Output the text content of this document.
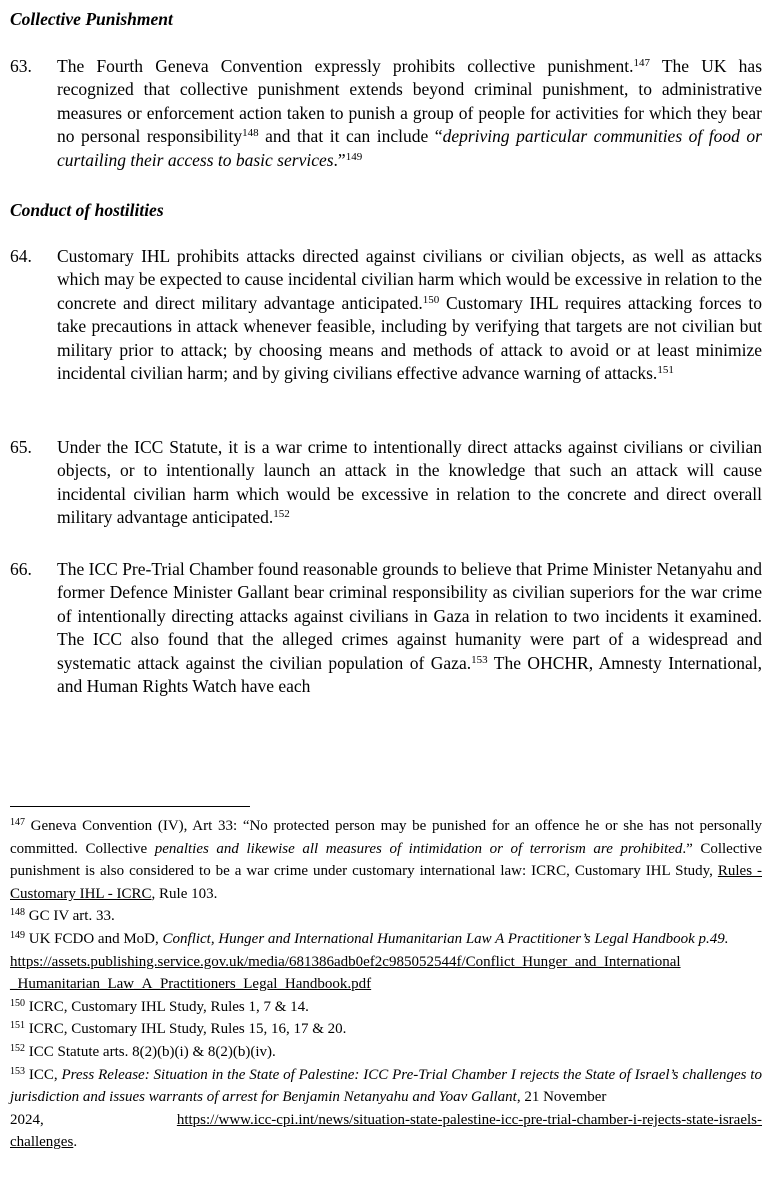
Collective Punishment
63. The Fourth Geneva Convention expressly prohibits collective punishment.$^{147}$ The UK has recognized that collective punishment extends beyond criminal punishment, to administrative measures or enforcement action taken to punish a group of people for activities for which they bear no personal responsibility$^{148}$ and that it can include “depriving particular communities of food or curtailing their access to basic services.”$^{149}$
Conduct of hostilities
64. Customary IHL prohibits attacks directed against civilians or civilian objects, as well as attacks which may be expected to cause incidental civilian harm which would be excessive in relation to the concrete and direct military advantage anticipated.$^{150}$ Customary IHL requires attacking forces to take precautions in attack whenever feasible, including by verifying that targets are not civilian but military prior to attack; by choosing means and methods of attack to avoid or at least minimize incidental civilian harm; and by giving civilians effective advance warning of attacks.$^{151}$
65. Under the ICC Statute, it is a war crime to intentionally direct attacks against civilians or civilian objects, or to intentionally launch an attack in the knowledge that such an attack will cause incidental civilian harm which would be excessive in relation to the concrete and direct overall military advantage anticipated.$^{152}$
66. The ICC Pre-Trial Chamber found reasonable grounds to believe that Prime Minister Netanyahu and former Defence Minister Gallant bear criminal responsibility as civilian superiors for the war crime of intentionally directing attacks against civilians in Gaza in relation to two incidents it examined. The ICC also found that the alleged crimes against humanity were part of a widespread and systematic attack against the civilian population of Gaza.$^{153}$ The OHCHR, Amnesty International, and Human Rights Watch have each

$^{147}$ Geneva Convention (IV), Art 33: “No protected person may be punished for an offence he or she has not personally committed. Collective penalties and likewise all measures of intimidation or of terrorism are prohibited.” Collective punishment is also considered to be a war crime under customary international law: ICRC, Customary IHL Study, Rules - Customary IHL - ICRC, Rule 103.

$^{148}$ GC IV art. 33.

$^{149}$ UK FCDO and MoD, Conflict, Hunger and International Humanitarian Law A Practitioner’s Legal Handbook p.49.
https://assets.publishing.service.gov.uk/media/681386adb0ef2c985052544f/Conflict_Hunger_and_International
_Humanitarian_Law_A_Practitioners_Legal_Handbook.pdf

$^{150}$ ICRC, Customary IHL Study, Rules 1, 7 & 14.

$^{151}$ ICRC, Customary IHL Study, Rules 15, 16, 17 & 20.

$^{152}$ ICC Statute arts. 8(2)(b)(i) & 8(2)(b)(iv).

$^{153}$ ICC, Press Release: Situation in the State of Palestine: ICC Pre-Trial Chamber I rejects the State of Israel’s challenges to jurisdiction and issues warrants of arrest for Benjamin Netanyahu and Yoav Gallant, 21 November
2024,	https://www.icc-cpi.int/news/situation-state-palestine-icc-pre-trial-chamber-i-rejects-state-israels-
challenges.
